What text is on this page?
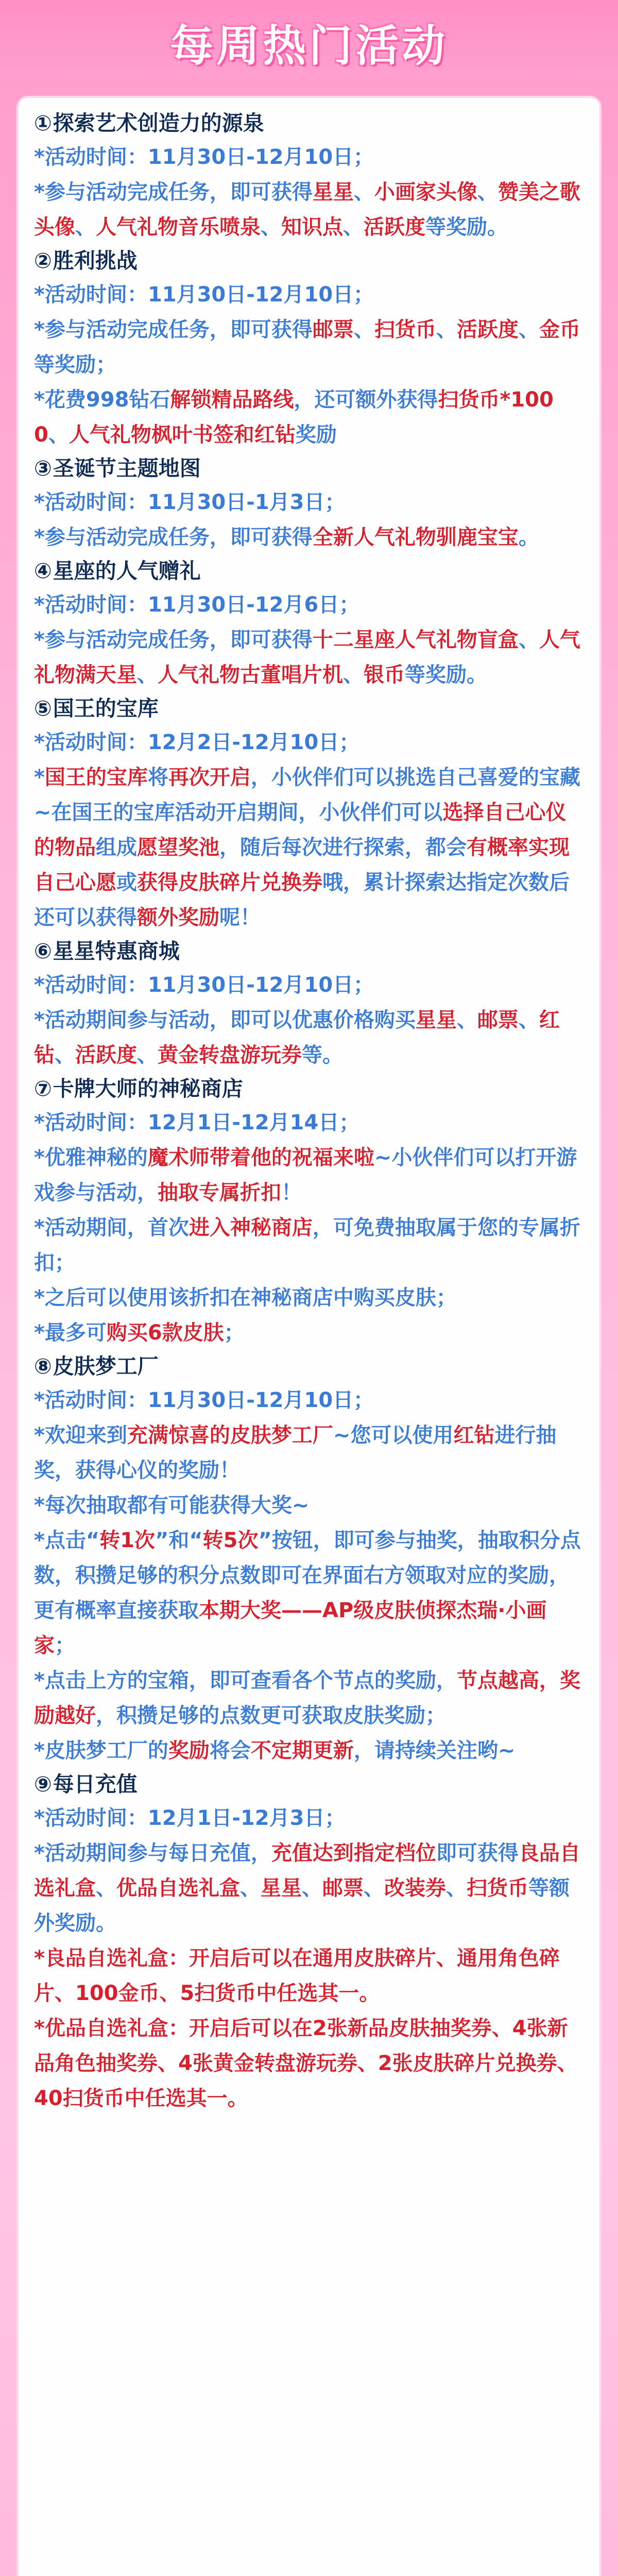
每周热门活动
①探索艺术创造力的源泉

*活动时间：11月30日-12月10日；

*参与活动完成任务，即可获得星星、小画家头像、赞美之歌头像、人气礼物音乐喷泉、知识点、活跃度等奖励。

②胜利挑战

*活动时间：11月30日-12月10日；

*参与活动完成任务，即可获得邮票、扫货币、活跃度、金币等奖励；

*花费998钻石解锁精品路线，还可额外获得扫货币*1000、人气礼物枫叶书签和红钻奖励

③圣诞节主题地图

*活动时间：11月30日-1月3日；

*参与活动完成任务，即可获得全新人气礼物驯鹿宝宝。

④星座的人气赠礼

*活动时间：11月30日-12月6日；

*参与活动完成任务，即可获得十二星座人气礼物盲盒、人气礼物满天星、人气礼物古董唱片机、银币等奖励。

⑤国王的宝库

*活动时间：12月2日-12月10日；

*国王的宝库将再次开启，小伙伴们可以挑选自己喜爱的宝藏~在国王的宝库活动开启期间，小伙伴们可以选择自己心仪的物品组成愿望奖池，随后每次进行探索，都会有概率实现自己心愿或获得皮肤碎片兑换券哦，累计探索达指定次数后还可以获得额外奖励呢！

⑥星星特惠商城

*活动时间：11月30日-12月10日；

*活动期间参与活动，即可以优惠价格购买星星、邮票、红钻、活跃度、黄金转盘游玩券等。

⑦卡牌大师的神秘商店

*活动时间：12月1日-12月14日；

*优雅神秘的魔术师带着他的祝福来啦~小伙伴们可以打开游戏参与活动，抽取专属折扣！

*活动期间，首次进入神秘商店，可免费抽取属于您的专属折扣；

*之后可以使用该折扣在神秘商店中购买皮肤；

*最多可购买6款皮肤；

⑧皮肤梦工厂

*活动时间：11月30日-12月10日；

*欢迎来到充满惊喜的皮肤梦工厂~您可以使用红钻进行抽奖，获得心仪的奖励！

*每次抽取都有可能获得大奖~

*点击“转1次”和“转5次”按钮，即可参与抽奖，抽取积分点数，积攒足够的积分点数即可在界面右方领取对应的奖励，更有概率直接获取本期大奖——AP级皮肤侦探杰瑞·小画家；

*点击上方的宝箱，即可查看各个节点的奖励，节点越高，奖励越好，积攒足够的点数更可获取皮肤奖励；

*皮肤梦工厂的奖励将会不定期更新，请持续关注哟~

⑨每日充值

*活动时间：12月1日-12月3日；

*活动期间参与每日充值，充值达到指定档位即可获得良品自选礼盒、优品自选礼盒、星星、邮票、改装券、扫货币等额外奖励。

*良品自选礼盒：开启后可以在通用皮肤碎片、通用角色碎片、100金币、5扫货币中任选其一。

*优品自选礼盒：开启后可以在2张新品皮肤抽奖券、4张新品角色抽奖券、4张黄金转盘游玩券、2张皮肤碎片兑换券、40扫货币中任选其一。
